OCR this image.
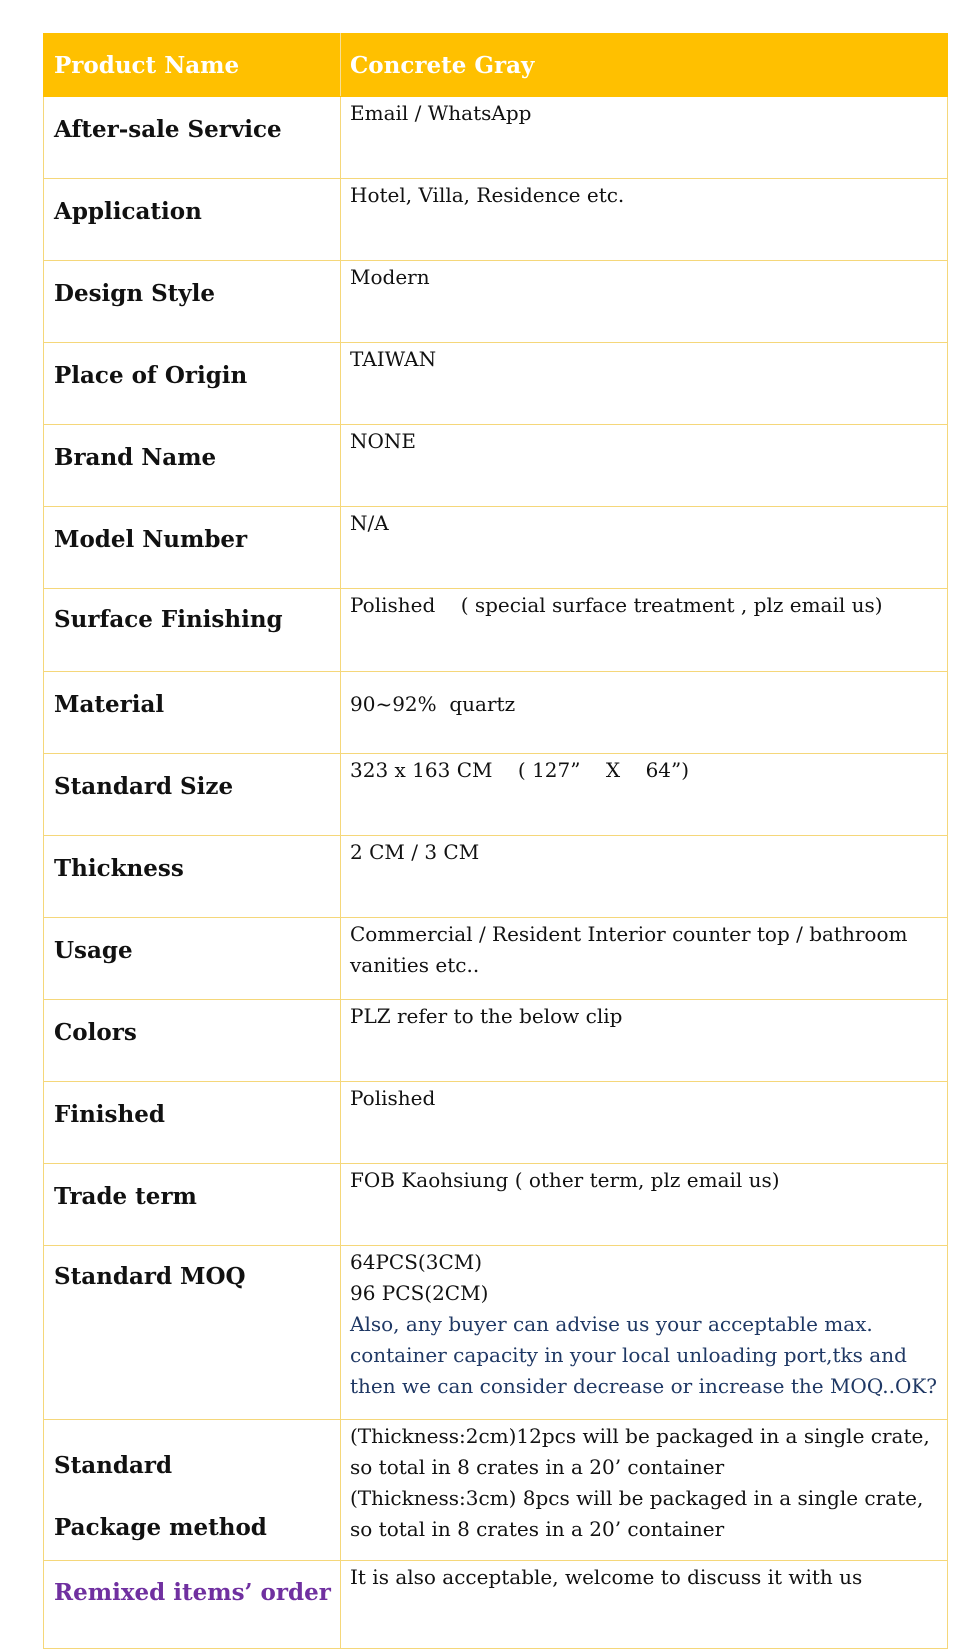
Product Name	Concrete Gray
After-sale Service	Email / WhatsApp
Application	Hotel, Villa, Residence etc.
Design Style	Modern
Place of Origin	TAIWAN
Brand Name	NONE
Model Number	N/A
Surface Finishing	Polished    ( special surface treatment , plz email us)
Material	90~92%  quartz
Standard Size	323 x 163 CM    ( 127”    X    64”)
Thickness	2 CM / 3 CM
Usage	Commercial / Resident Interior counter top / bathroom vanities etc..
Colors	PLZ refer to the below clip
Finished	Polished
Trade term	FOB Kaohsiung ( other term, plz email us)
Standard MOQ	64PCS(3CM)
96 PCS(2CM)
Also, any buyer can advise us your acceptable max. container capacity in your local unloading port,tks and then we can consider decrease or increase the MOQ..OK?

Standard
Package method	(Thickness:2cm)12pcs will be packaged in a single crate, so total in 8 crates in a 20’ container
(Thickness:3cm) 8pcs will be packaged in a single crate, so total in 8 crates in a 20’ container

Remixed items’ order	It is also acceptable, welcome to discuss it with us
